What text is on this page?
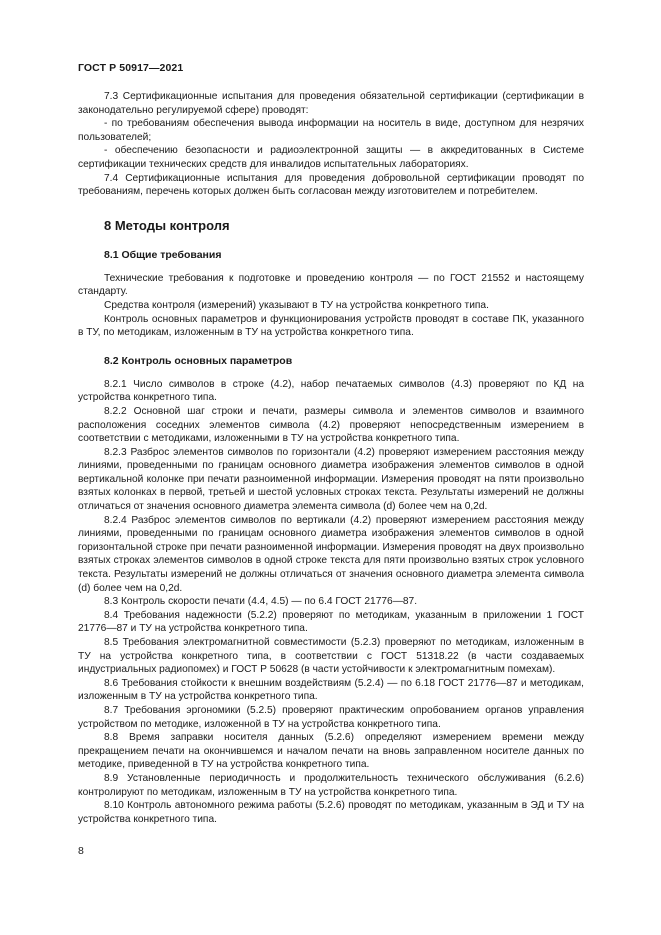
ГОСТ Р 50917—2021

7.3 Сертификационные испытания для проведения обязательной сертификации (сертификации в законодательно регулируемой сфере) проводят:

- по требованиям обеспечения вывода информации на носитель в виде, доступном для незрячих пользователей;

- обеспечению безопасности и радиоэлектронной защиты — в аккредитованных в Системе сертификации технических средств для инвалидов испытательных лабораториях.

7.4 Сертификационные испытания для проведения добровольной сертификации проводят по требованиям, перечень которых должен быть согласован между изготовителем и потребителем.

8 Методы контроля
8.1 Общие требования

Технические требования к подготовке и проведению контроля — по ГОСТ 21552 и настоящему стандарту.

Средства контроля (измерений) указывают в ТУ на устройства конкретного типа.

Контроль основных параметров и функционирования устройств проводят в составе ПК, указанного в ТУ, по методикам, изложенным в ТУ на устройства конкретного типа.

8.2 Контроль основных параметров

8.2.1 Число символов в строке (4.2), набор печатаемых символов (4.3) проверяют по КД на устройства конкретного типа.

8.2.2 Основной шаг строки и печати, размеры символа и элементов символов и взаимного расположения соседних элементов символа (4.2) проверяют непосредственным измерением в соответствии с методиками, изложенными в ТУ на устройства конкретного типа.

8.2.3 Разброс элементов символов по горизонтали (4.2) проверяют измерением расстояния между линиями, проведенными по границам основного диаметра изображения элементов символов в одной вертикальной колонке при печати разноименной информации. Измерения проводят на пяти произвольно взятых колонках в первой, третьей и шестой условных строках текста. Результаты измерений не должны отличаться от значения основного диаметра элемента символа (d) более чем на 0,2d.

8.2.4 Разброс элементов символов по вертикали (4.2) проверяют измерением расстояния между линиями, проведенными по границам основного диаметра изображения элементов символов в одной горизонтальной строке при печати разноименной информации. Измерения проводят на двух произвольно взятых строках элементов символов в одной строке текста для пяти произвольно взятых строк условного текста. Результаты измерений не должны отличаться от значения основного диаметра элемента символа (d) более чем на 0,2d.

8.3 Контроль скорости печати (4.4, 4.5) — по 6.4 ГОСТ 21776—87.

8.4 Требования надежности (5.2.2) проверяют по методикам, указанным в приложении 1 ГОСТ 21776—87 и ТУ на устройства конкретного типа.

8.5 Требования электромагнитной совместимости (5.2.3) проверяют по методикам, изложенным в ТУ на устройства конкретного типа, в соответствии с ГОСТ 51318.22 (в части создаваемых индустриальных радиопомех) и ГОСТ Р 50628 (в части устойчивости к электромагнитным помехам).

8.6 Требования стойкости к внешним воздействиям (5.2.4) — по 6.18 ГОСТ 21776—87 и методикам, изложенным в ТУ на устройства конкретного типа.

8.7 Требования эргономики (5.2.5) проверяют практическим опробованием органов управления устройством по методике, изложенной в ТУ на устройства конкретного типа.

8.8 Время заправки носителя данных (5.2.6) определяют измерением времени между прекращением печати на окончившемся и началом печати на вновь заправленном носителе данных по методике, приведенной в ТУ на устройства конкретного типа.

8.9 Установленные периодичность и продолжительность технического обслуживания (6.2.6) контролируют по методикам, изложенным в ТУ на устройства конкретного типа.

8.10 Контроль автономного режима работы (5.2.6) проводят по методикам, указанным в ЭД и ТУ на устройства конкретного типа.

8
